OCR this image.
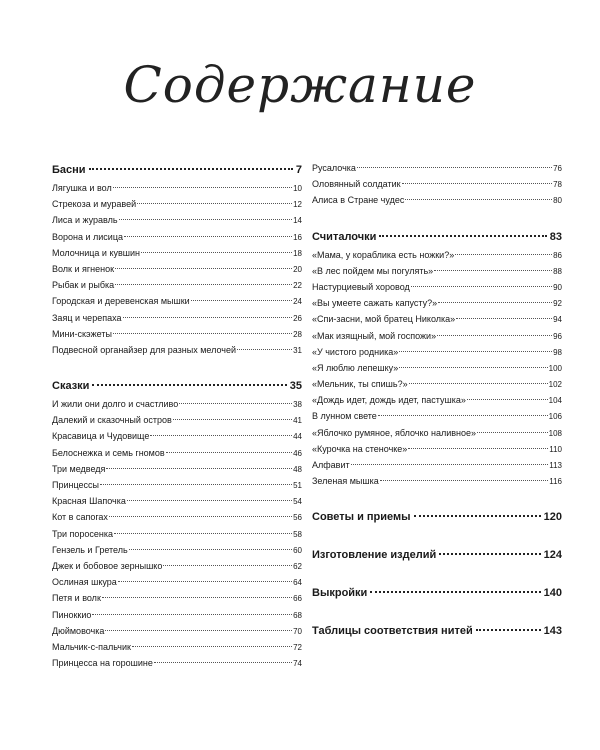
Содержание
Басни	7
Лягушка и вол	10
Стрекоза и муравей	12
Лиса и журавль	14
Ворона и лисица	16
Молочница и кувшин	18
Волк и ягненок	20
Рыбак и рыбка	22
Городская и деревенская мышки	24
Заяц и черепаха	26
Мини-скэжеты	28
Подвесной органайзер для разных мелочей	31
Сказки	35
И жили они долго и счастливо	38
Далекий и сказочный остров	41
Красавица и Чудовище	44
Белоснежка и семь гномов	46
Три медведя	48
Принцессы	51
Красная Шапочка	54
Кот в сапогах	56
Три поросенка	58
Гензель и Гретель	60
Джек и бобовое зернышко	62
Ослиная шкура	64
Петя и волк	66
Пиноккио	68
Дюймовочка	70
Мальчик-с-пальчик	72
Принцесса на горошине	74
Русалочка	76
Оловянный солдатик	78
Алиса в Стране чудес	80
Считалочки	83
«Мама, у кораблика есть ножки?»	86
«В лес пойдем мы погулять»	88
Настурциевый хоровод	90
«Вы умеете сажать капусту?»	92
«Спи-засни, мой братец Николка»	94
«Мак изящный, мой госпожи»	96
«У чистого родника»	98
«Я люблю лепешку»	100
«Мельник, ты спишь?»	102
«Дождь идет, дождь идет, пастушка»	104
В лунном свете	106
«Яблочко румяное, яблочко наливное»	108
«Курочка на стеночке»	110
Алфавит	113
Зеленая мышка	116
Советы и приемы	120
Изготовление изделий	124
Выкройки	140
Таблицы соответствия нитей	143
